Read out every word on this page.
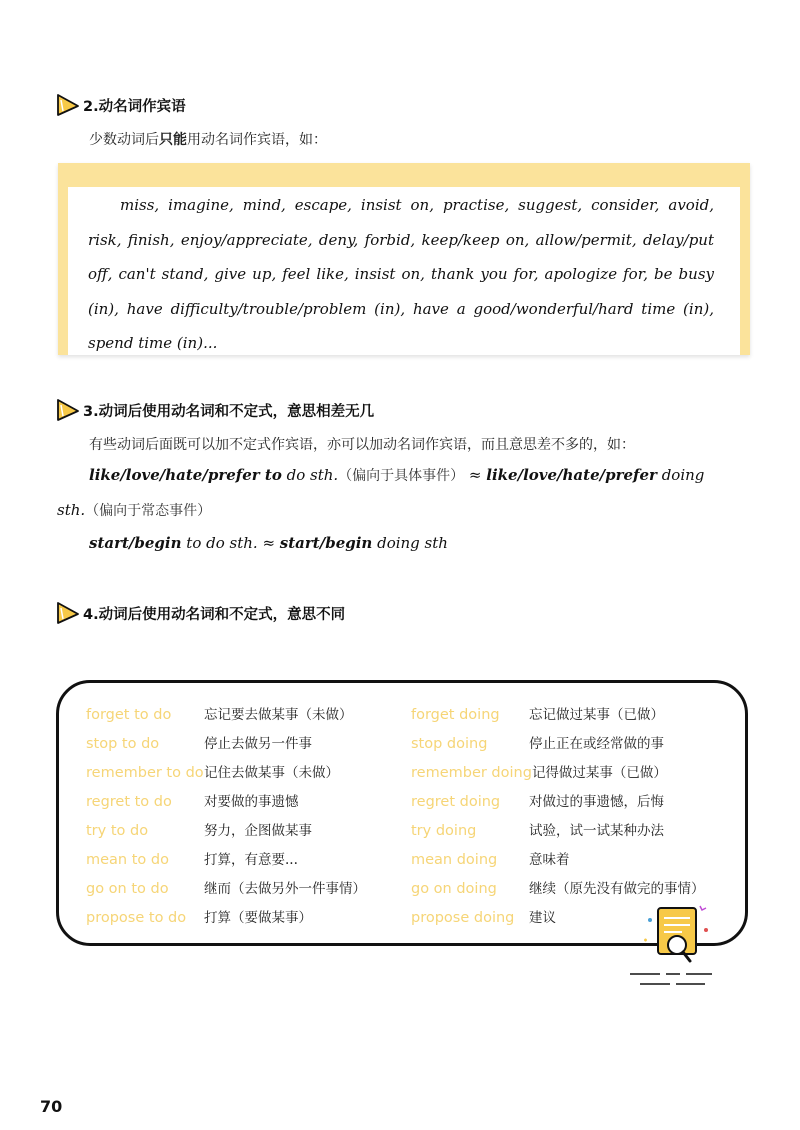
2.动名词作宾语
少数动词后只能用动名词作宾语，如：
miss, imagine, mind, escape, insist on, practise, suggest, consider, avoid, risk, finish, enjoy/appreciate, deny, forbid, keep/keep on, allow/permit, delay/put off, can't stand, give up, feel like, insist on, thank you for, apologize for, be busy (in), have difficulty/trouble/problem (in), have a good/wonderful/hard time (in), spend time (in)...
3.动词后使用动名词和不定式，意思相差无几
有些动词后面既可以加不定式作宾语，亦可以加动名词作宾语，而且意思差不多的，如：
like/love/hate/prefer to do sth.（偏向于具体事件） ≈ like/love/hate/prefer doing
sth.（偏向于常态事件）
start/begin to do sth. ≈ start/begin doing sth
4.动词后使用动名词和不定式，意思不同
forget to do 忘记要去做某事（未做）	forget doing 忘记做过某事（已做）
stop to do	停止去做另一件事	stop doing	停止正在或经常做的事
remember to do记住去做某事（未做）	remember doing记得做过某事（已做）
regret to do 对要做的事遗憾	regret doing 对做过的事遗憾，后悔
try to do	努力，企图做某事	try doing	试验，试一试某种办法
mean to do	打算，有意要...	mean doing 意味着
go on to do	继而（去做另外一件事情）	go on doing 继续（原先没有做完的事情）
propose to do 打算（要做某事）	propose doing 建议
70
